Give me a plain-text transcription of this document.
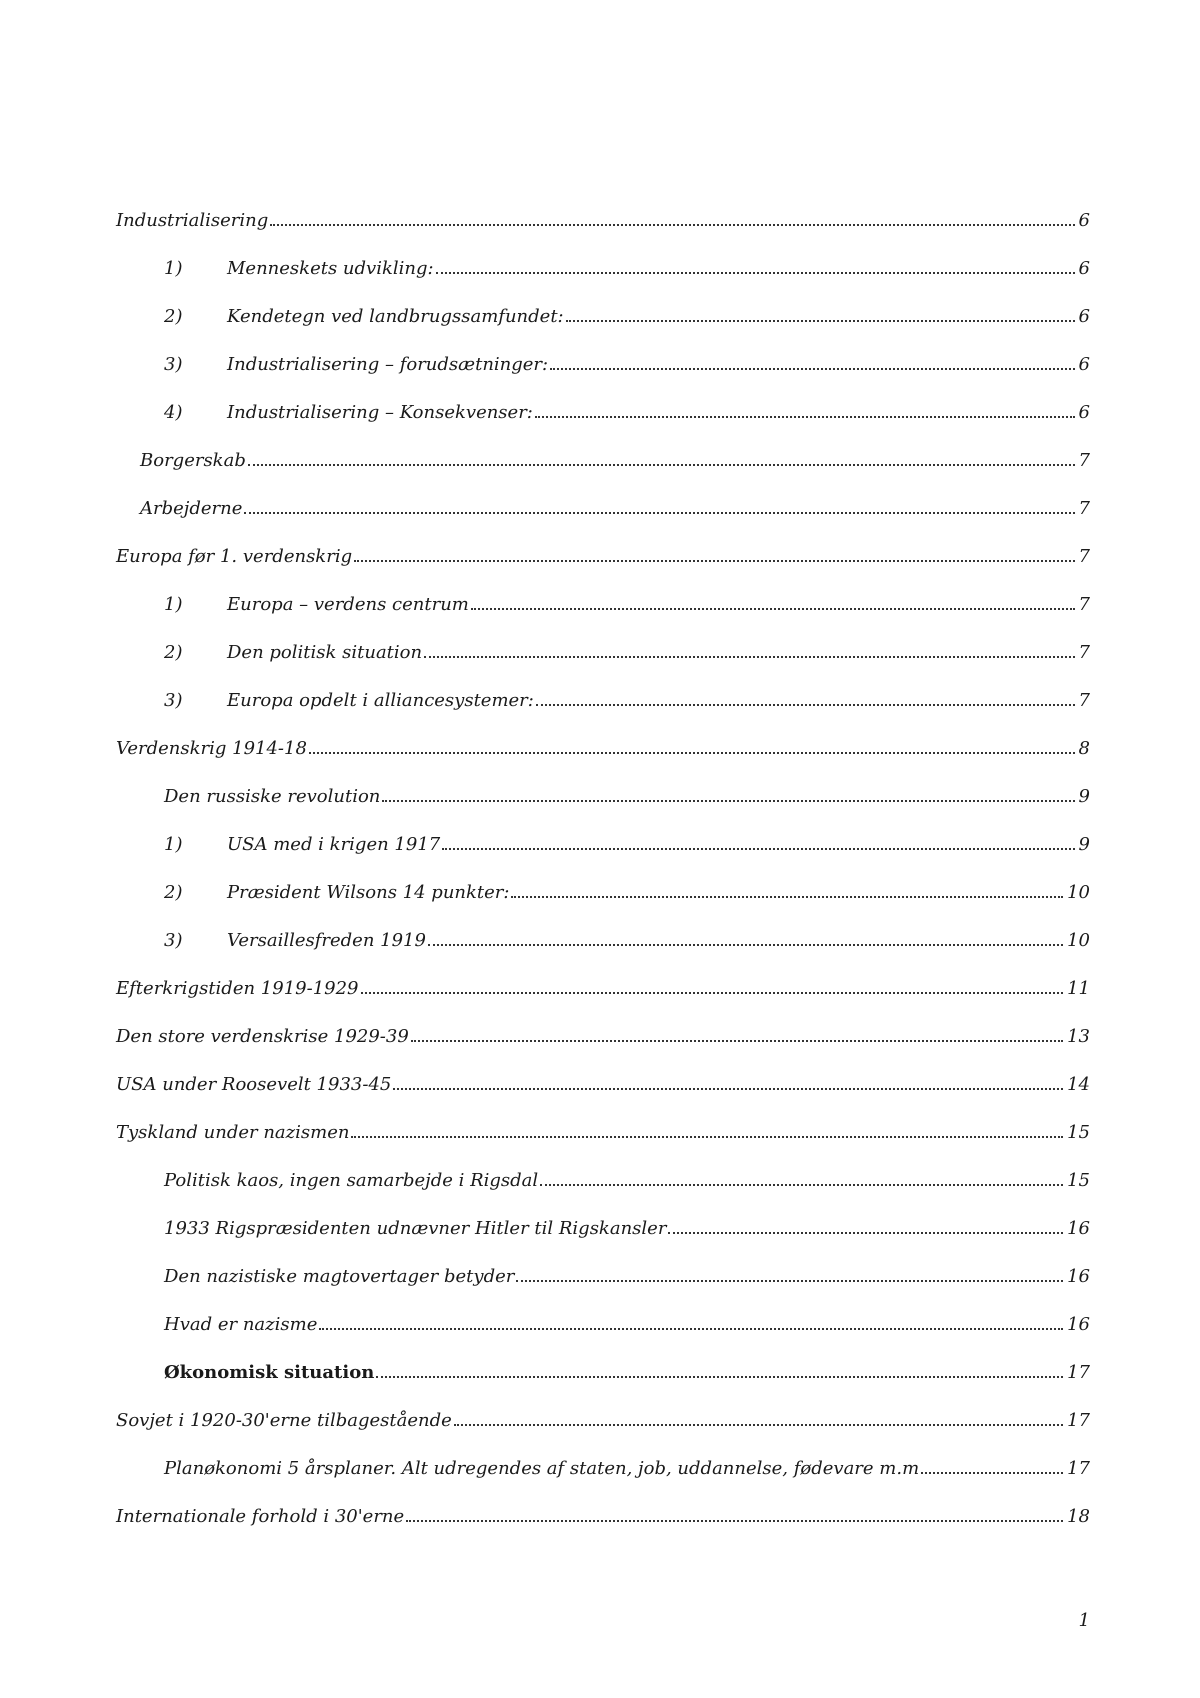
Industrialisering	6
1)	Menneskets udvikling:	6
2)	Kendetegn ved landbrugssamfundet:	6
3)	Industrialisering – forudsætninger:	6
4)	Industrialisering – Konsekvenser:	6
Borgerskab	7
Arbejderne	7
Europa før 1. verdenskrig	7
1)	Europa – verdens centrum	7
2)	Den politisk situation	7
3)	Europa opdelt i alliancesystemer:	7
Verdenskrig 1914-18	8
Den russiske revolution	9
1)	USA med i krigen 1917	9
2)	Præsident Wilsons 14 punkter:	10
3)	Versaillesfreden 1919	10
Efterkrigstiden 1919-1929	11
Den store verdenskrise 1929-39	13
USA under Roosevelt 1933-45	14
Tyskland under nazismen	15
Politisk kaos, ingen samarbejde i Rigsdal	15
1933 Rigspræsidenten udnævner Hitler til Rigskansler	16
Den nazistiske magtovertager betyder	16
Hvad er nazisme	16
Økonomisk situation	17
Sovjet i 1920-30'erne tilbagestående	17
Planøkonomi 5 årsplaner. Alt udregendes af staten, job, uddannelse, fødevare m.m	17
Internationale forhold i 30'erne	18
1
